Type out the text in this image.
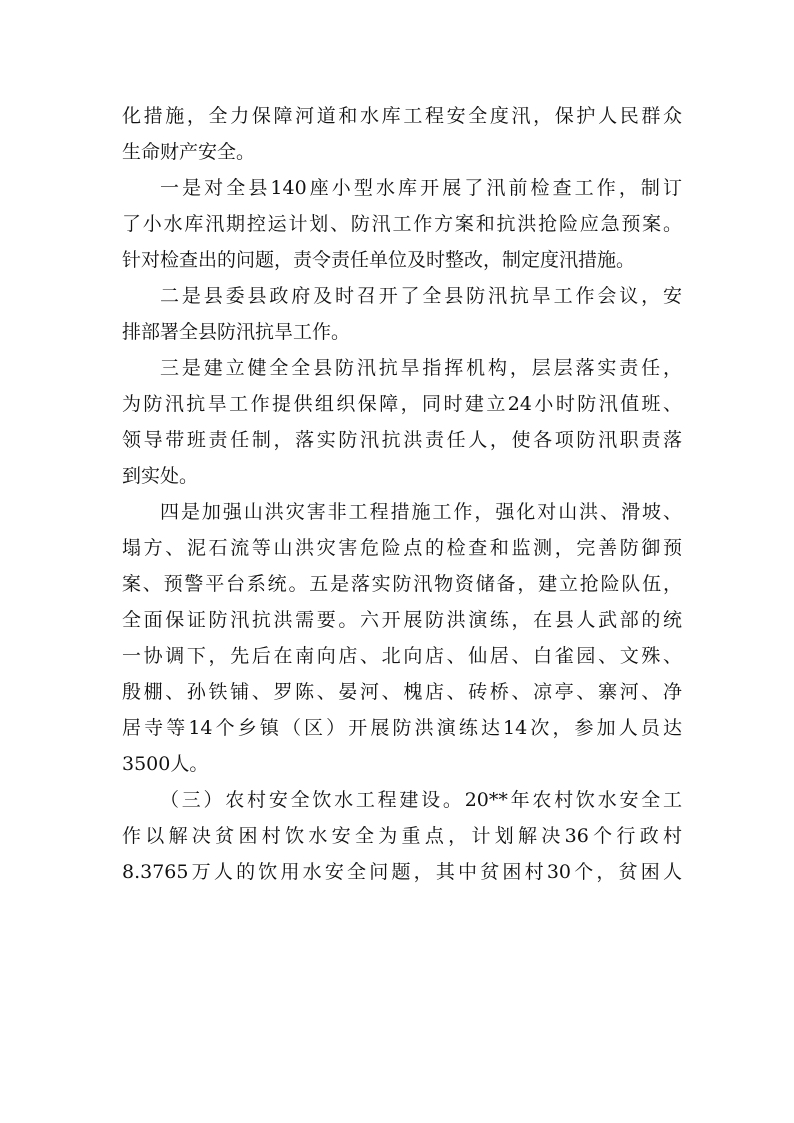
化措施，全力保障河道和水库工程安全度汛，保护人民群众
生命财产安全。
一是对全县140座小型水库开展了汛前检查工作，制订
了小水库汛期控运计划、防汛工作方案和抗洪抢险应急预案。
针对检查出的问题，责令责任单位及时整改，制定度汛措施。
二是县委县政府及时召开了全县防汛抗旱工作会议，安
排部署全县防汛抗旱工作。
三是建立健全全县防汛抗旱指挥机构，层层落实责任，
为防汛抗旱工作提供组织保障，同时建立24小时防汛值班、
领导带班责任制，落实防汛抗洪责任人，使各项防汛职责落
到实处。
四是加强山洪灾害非工程措施工作，强化对山洪、滑坡、
塌方、泥石流等山洪灾害危险点的检查和监测，完善防御预
案、预警平台系统。五是落实防汛物资储备，建立抢险队伍，
全面保证防汛抗洪需要。六开展防洪演练，在县人武部的统
一协调下，先后在南向店、北向店、仙居、白雀园、文殊、
殷棚、孙铁铺、罗陈、晏河、槐店、砖桥、凉亭、寨河、净
居寺等14个乡镇（区）开展防洪演练达14次，参加人员达
3500人。
（三）农村安全饮水工程建设。20**年农村饮水安全工
作以解决贫困村饮水安全为重点，计划解决36个行政村
8.3765万人的饮用水安全问题，其中贫困村30个，贫困人
